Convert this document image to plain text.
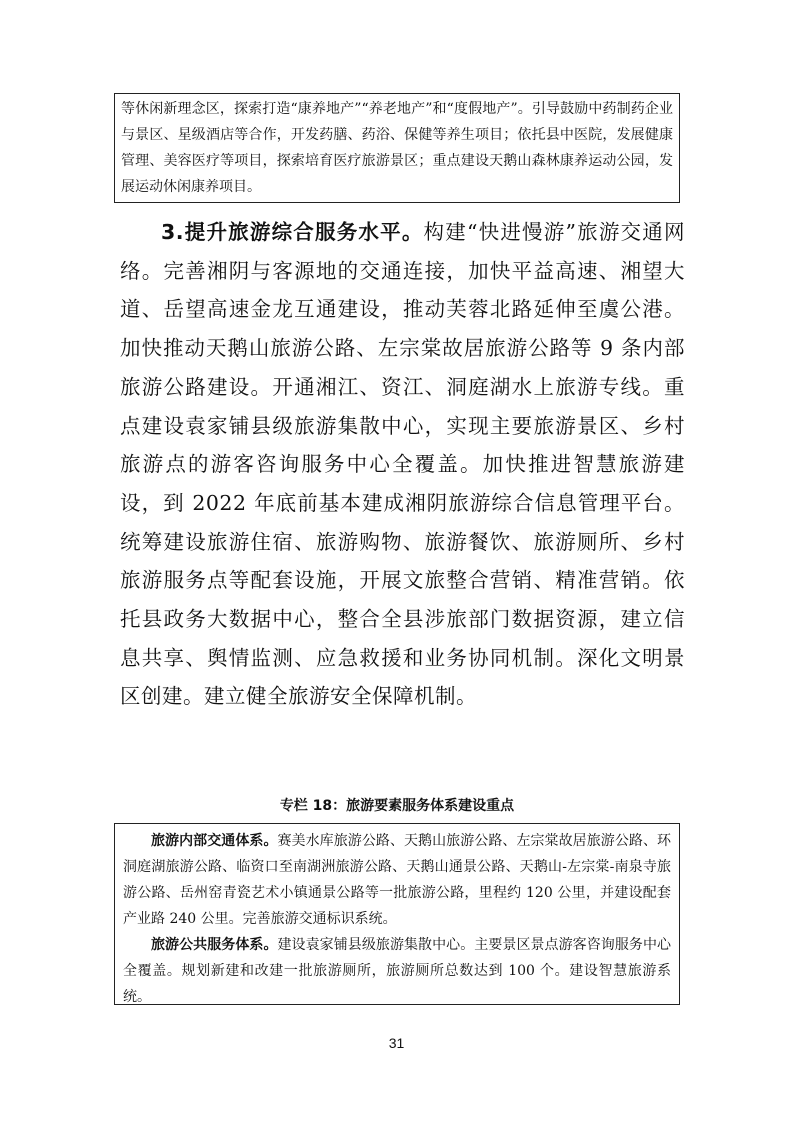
等休闲新理念区，探索打造“康养地产”“养老地产”和“度假地产”。引导鼓励中药制药企业与景区、星级酒店等合作，开发药膳、药浴、保健等养生项目；依托县中医院，发展健康管理、美容医疗等项目，探索培育医疗旅游景区；重点建设天鹅山森林康养运动公园，发展运动休闲康养项目。

3.提升旅游综合服务水平。构建“快进慢游”旅游交通网络。完善湘阴与客源地的交通连接，加快平益高速、湘望大道、岳望高速金龙互通建设，推动芙蓉北路延伸至虞公港。加快推动天鹅山旅游公路、左宗棠故居旅游公路等 9 条内部旅游公路建设。开通湘江、资江、洞庭湖水上旅游专线。重点建设袁家铺县级旅游集散中心，实现主要旅游景区、乡村旅游点的游客咨询服务中心全覆盖。加快推进智慧旅游建设，到 2022 年底前基本建成湘阴旅游综合信息管理平台。统筹建设旅游住宿、旅游购物、旅游餐饮、旅游厕所、乡村旅游服务点等配套设施，开展文旅整合营销、精准营销。依托县政务大数据中心，整合全县涉旅部门数据资源，建立信息共享、舆情监测、应急救援和业务协同机制。深化文明景区创建。建立健全旅游安全保障机制。

专栏 18：旅游要素服务体系建设重点

旅游内部交通体系。赛美水库旅游公路、天鹅山旅游公路、左宗棠故居旅游公路、环洞庭湖旅游公路、临资口至南湖洲旅游公路、天鹅山通景公路、天鹅山-左宗棠-南泉寺旅游公路、岳州窑青瓷艺术小镇通景公路等一批旅游公路，里程约 120 公里，并建设配套产业路 240 公里。完善旅游交通标识系统。

旅游公共服务体系。建设袁家铺县级旅游集散中心。主要景区景点游客咨询服务中心全覆盖。规划新建和改建一批旅游厕所，旅游厕所总数达到 100 个。建设智慧旅游系统。

31
